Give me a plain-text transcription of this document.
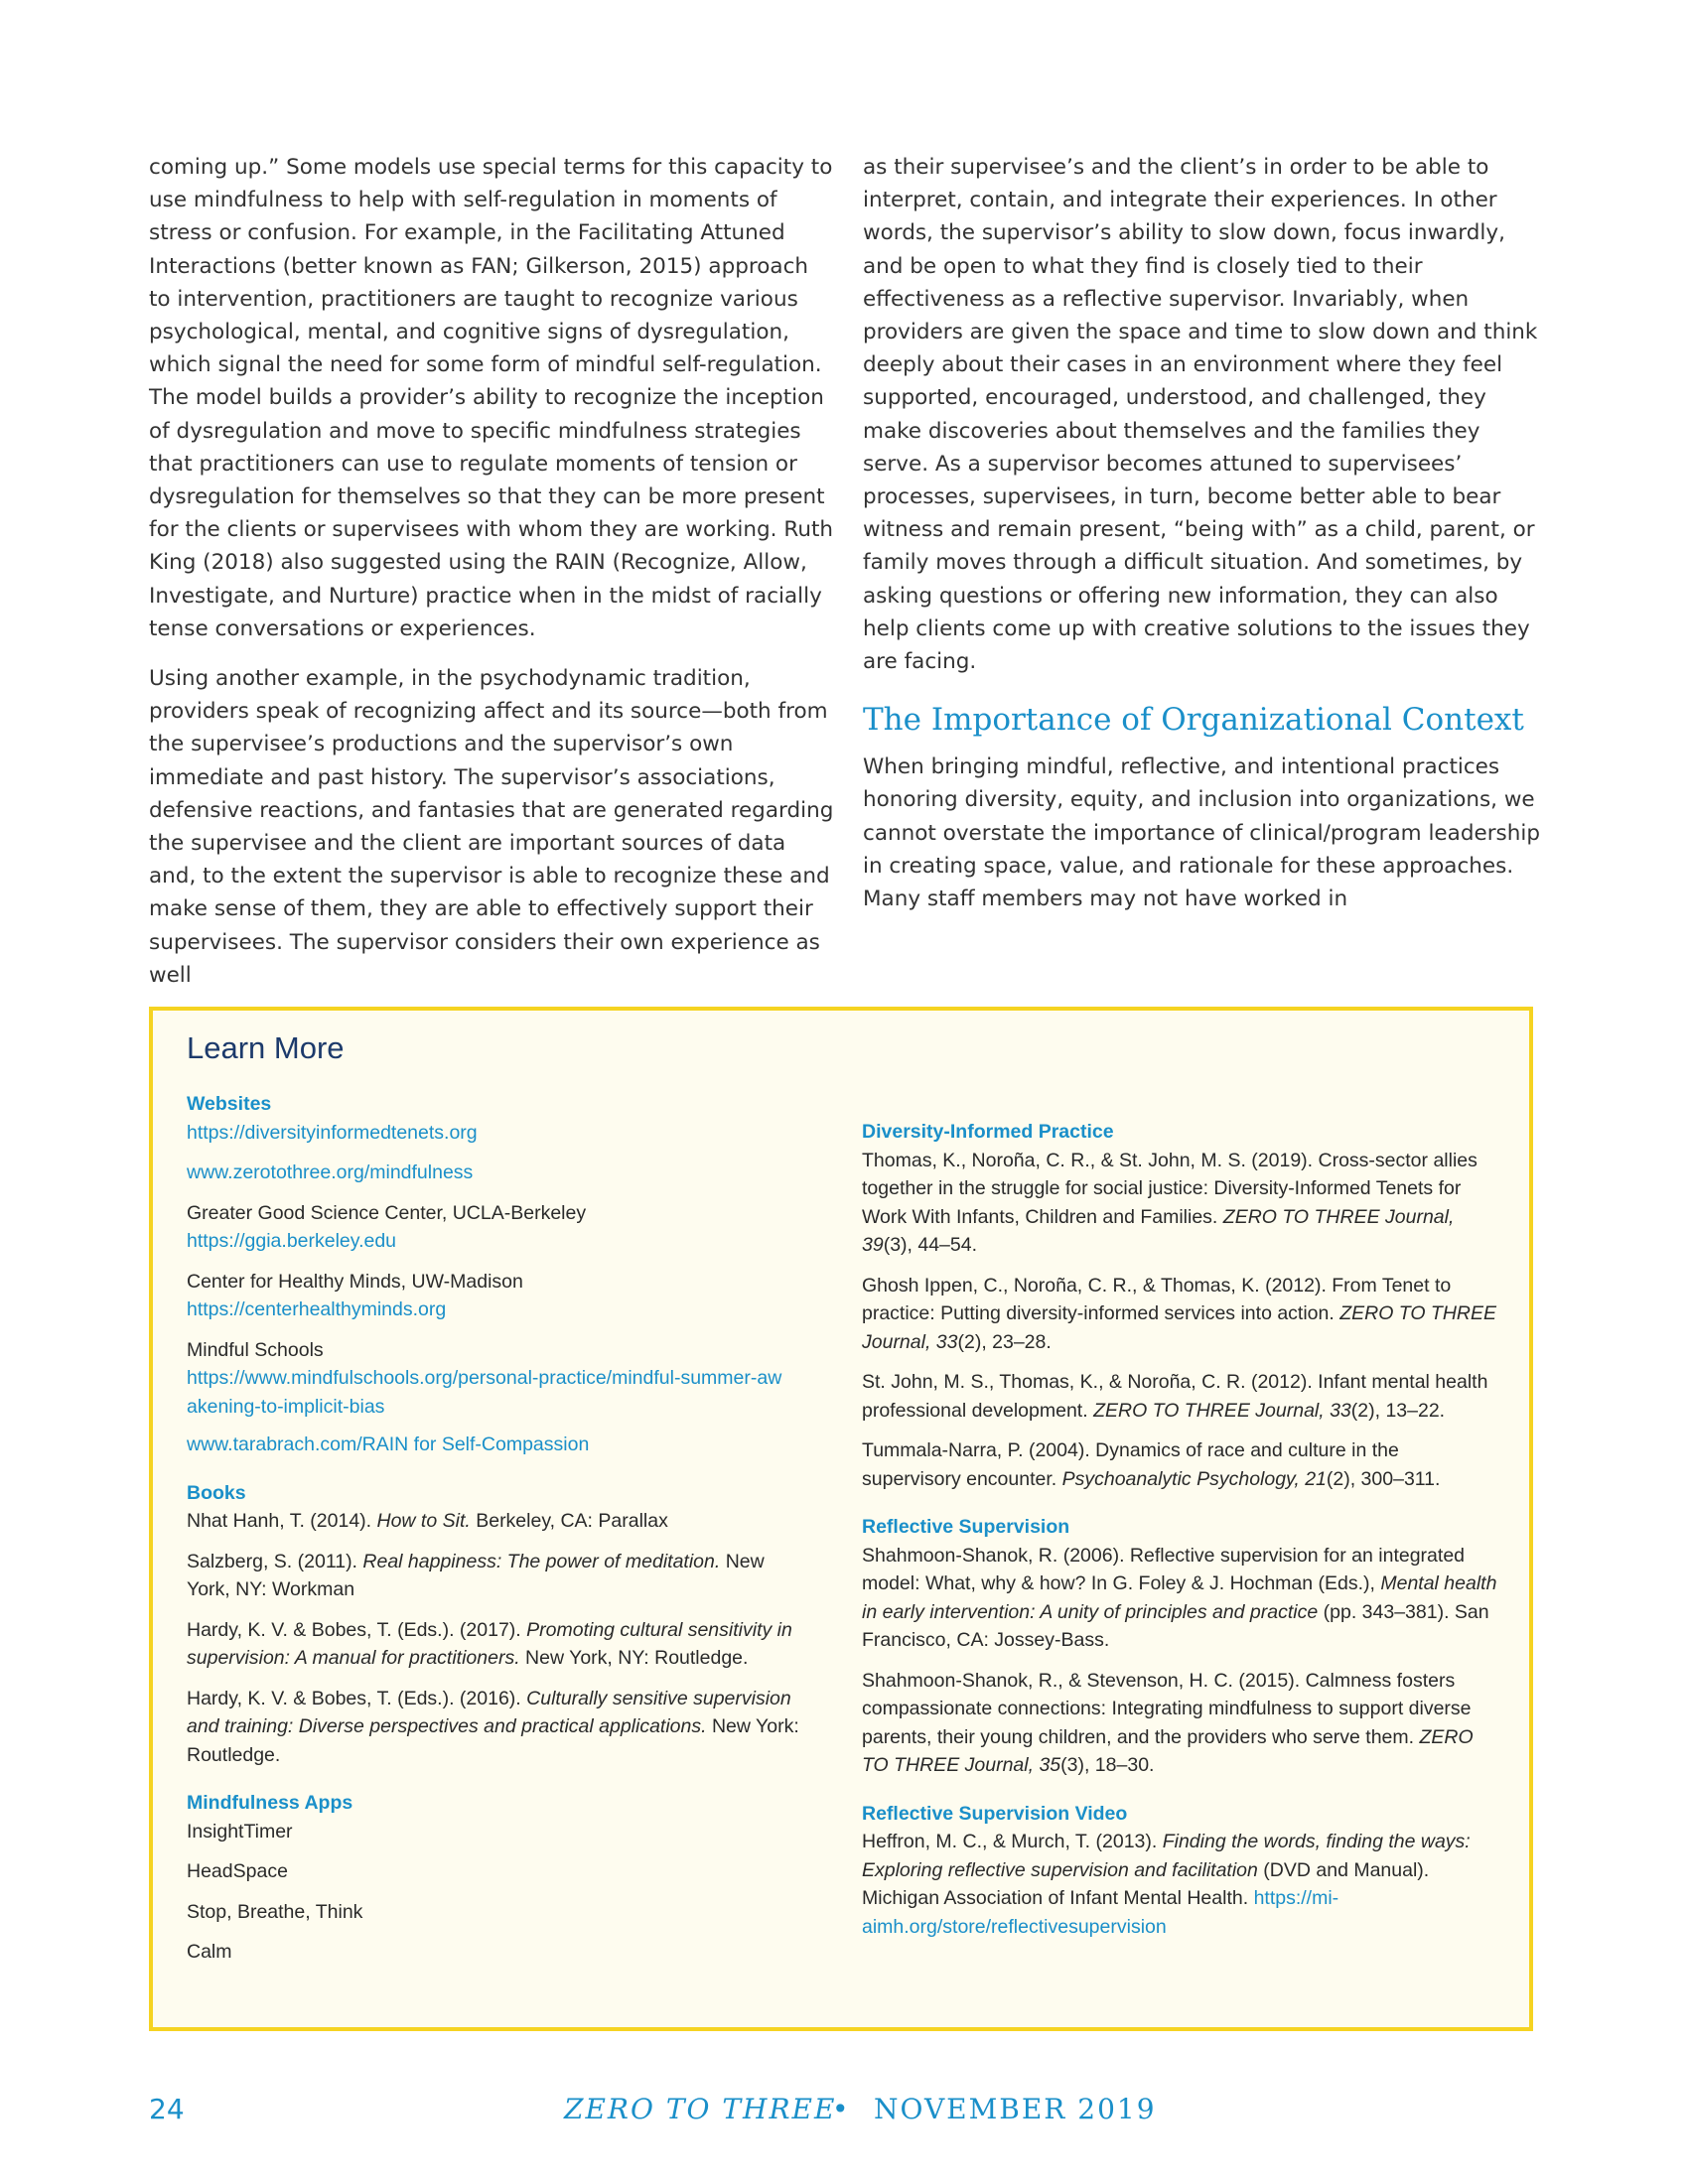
coming up.” Some models use special terms for this capacity to use mindfulness to help with self-regulation in moments of stress or confusion. For example, in the Facilitating Attuned Interactions (better known as FAN; Gilkerson, 2015) approach to intervention, practitioners are taught to recognize various psychological, mental, and cognitive signs of dysregulation, which signal the need for some form of mindful self-regulation. The model builds a provider’s ability to recognize the inception of dysregulation and move to specific mindfulness strategies that practitioners can use to regulate moments of tension or dysregulation for themselves so that they can be more present for the clients or supervisees with whom they are working. Ruth King (2018) also suggested using the RAIN (Recognize, Allow, Investigate, and Nurture) practice when in the midst of racially tense conversations or experiences.

Using another example, in the psychodynamic tradition, providers speak of recognizing affect and its source—both from the supervisee’s productions and the supervisor’s own immediate and past history. The supervisor’s associations, defensive reactions, and fantasies that are generated regarding the supervisee and the client are important sources of data and, to the extent the supervisor is able to recognize these and make sense of them, they are able to effectively support their supervisees. The supervisor considers their own experience as well

as their supervisee’s and the client’s in order to be able to interpret, contain, and integrate their experiences. In other words, the supervisor’s ability to slow down, focus inwardly, and be open to what they find is closely tied to their effectiveness as a reflective supervisor. Invariably, when providers are given the space and time to slow down and think deeply about their cases in an environment where they feel supported, encouraged, understood, and challenged, they make discoveries about themselves and the families they serve. As a supervisor becomes attuned to supervisees’ processes, supervisees, in turn, become better able to bear witness and remain present, “being with” as a child, parent, or family moves through a difficult situation. And sometimes, by asking questions or offering new information, they can also help clients come up with creative solutions to the issues they are facing.

The Importance of Organizational Context

When bringing mindful, reflective, and intentional practices honoring diversity, equity, and inclusion into organizations, we cannot overstate the importance of clinical/program leadership in creating space, value, and rationale for these approaches. Many staff members may not have worked in

Learn More

Websites

https://diversityinformedtenets.org

www.zerotothree.org/mindfulness

Greater Good Science Center, UCLA-Berkeley
https://ggia.berkeley.edu

Center for Healthy Minds, UW-Madison
https://centerhealthyminds.org

Mindful Schools
https://www.mindfulschools.org/personal-practice/mindful-summer-awakening-to-implicit-bias

www.tarabrach.com/RAIN for Self-Compassion

Books

Nhat Hanh, T. (2014). How to Sit. Berkeley, CA: Parallax

Salzberg, S. (2011). Real happiness: The power of meditation. New York, NY: Workman

Hardy, K. V. & Bobes, T. (Eds.). (2017). Promoting cultural sensitivity in supervision: A manual for practitioners. New York, NY: Routledge.

Hardy, K. V. & Bobes, T. (Eds.). (2016). Culturally sensitive supervision and training: Diverse perspectives and practical applications. New York: Routledge.

Mindfulness Apps

InsightTimer

HeadSpace

Stop, Breathe, Think

Calm

Diversity-Informed Practice

Thomas, K., Noroña, C. R., & St. John, M. S. (2019). Cross-sector allies together in the struggle for social justice: Diversity-Informed Tenets for Work With Infants, Children and Families. ZERO TO THREE Journal, 39(3), 44–54.

Ghosh Ippen, C., Noroña, C. R., & Thomas, K. (2012). From Tenet to practice: Putting diversity-informed services into action. ZERO TO THREE Journal, 33(2), 23–28.

St. John, M. S., Thomas, K., & Noroña, C. R. (2012). Infant mental health professional development. ZERO TO THREE Journal, 33(2), 13–22.

Tummala-Narra, P. (2004). Dynamics of race and culture in the supervisory encounter. Psychoanalytic Psychology, 21(2), 300–311.

Reflective Supervision

Shahmoon-Shanok, R. (2006). Reflective supervision for an integrated model: What, why & how? In G. Foley & J. Hochman (Eds.), Mental health in early intervention: A unity of principles and practice (pp. 343–381). San Francisco, CA: Jossey-Bass.

Shahmoon-Shanok, R., & Stevenson, H. C. (2015). Calmness fosters compassionate connections: Integrating mindfulness to support diverse parents, their young children, and the providers who serve them. ZERO TO THREE Journal, 35(3), 18–30.

Reflective Supervision Video

Heffron, M. C., & Murch, T. (2013). Finding the words, finding the ways: Exploring reflective supervision and facilitation (DVD and Manual). Michigan Association of Infant Mental Health. https://mi-aimh.org/store/reflectivesupervision

24	ZERO TO THREE
• NOVEMBER 2019
